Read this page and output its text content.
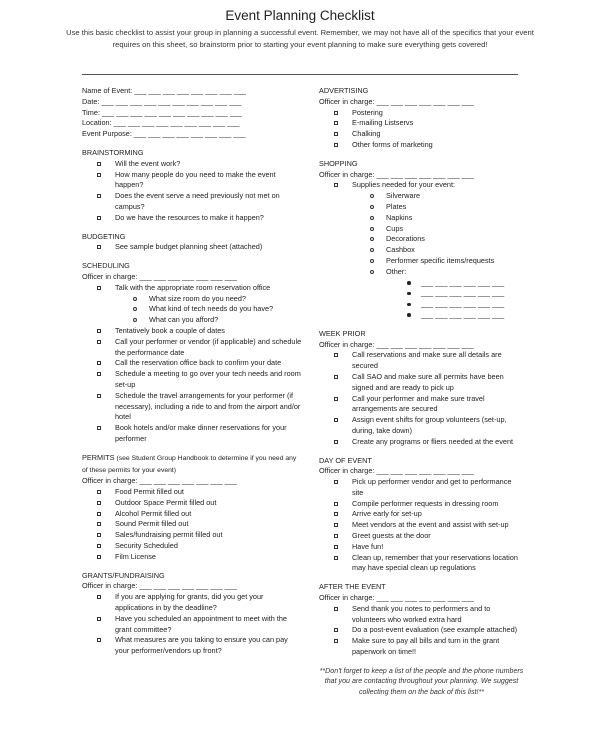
Event Planning Checklist
Use this basic checklist to assist your group in planning a successful event. Remember, we may not have all of the specifics that your event requires on this sheet, so brainstorm prior to starting your event planning to make sure everything gets covered!
Name of Event: ___ ___ ___ ___ ___ ___ ___ ___
Date: ___ ___ ___ ___ ___ ___ ___ ___ ___ ___
Time: ___ ___ ___ ___ ___ ___ ___ ___ ___ ___
Location: ___ ___ ___ ___ ___ ___ ___ ___ ___
Event Purpose: ___ ___ ___ ___ ___ ___ ___ ___
BRAINSTORMING
Will the event work?
How many people do you need to make the event happen?
Does the event serve a need previously not met on campus?
Do we have the resources to make it happen?
BUDGETING
See sample budget planning sheet (attached)
SCHEDULING
Officer in charge: ___ ___ ___ ___ ___ ___ ___
Talk with the appropriate room reservation office
What size room do you need?
What kind of tech needs do you have?
What can you afford?
Tentatively book a couple of dates
Call your performer or vendor (if applicable) and schedule the performance date
Call the reservation office back to confirm your date
Schedule a meeting to go over your tech needs and room set-up
Schedule the travel arrangements for your performer (if necessary), including a ride to and from the airport and/or hotel
Book hotels and/or make dinner reservations for your performer
PERMITS (see Student Group Handbook to determine if you need any of these permits for your event)
Officer in charge: ___ ___ ___ ___ ___ ___ ___
Food Permit filled out
Outdoor Space Permit filled out
Alcohol Permit filled out
Sound Permit filled out
Sales/fundraising permit filled out
Security Scheduled
Film License
GRANTS/FUNDRAISING
Officer in charge: ___ ___ ___ ___ ___ ___ ___
If you are applying for grants, did you get your applications in by the deadline?
Have you scheduled an appointment to meet with the grant committee?
What measures are you taking to ensure you can pay your performer/vendors up front?
ADVERTISING
Officer in charge: ___ ___ ___ ___ ___ ___ ___
Postering
E-mailing Listservs
Chalking
Other forms of marketing
SHOPPING
Officer in charge: ___ ___ ___ ___ ___ ___ ___
Supplies needed for your event:
Silverware
Plates
Napkins
Cups
Decorations
Cashbox
Performer specific items/requests
Other:
___ ___ ___ ___ ___ ___
___ ___ ___ ___ ___ ___
___ ___ ___ ___ ___ ___
___ ___ ___ ___ ___ ___
WEEK PRIOR
Officer in charge: ___ ___ ___ ___ ___ ___ ___
Call reservations and make sure all details are secured
Call SAO and make sure all permits have been signed and are ready to pick up
Call your performer and make sure travel arrangements are secured
Assign event shifts for group volunteers (set-up, during, take down)
Create any programs or fliers needed at the event
DAY OF EVENT
Officer in charge: ___ ___ ___ ___ ___ ___ ___
Pick up performer vendor and get to performance site
Compile performer requests in dressing room
Arrive early for set-up
Meet vendors at the event and assist with set-up
Greet guests at the door
Have fun!
Clean up, remember that your reservations location may have special clean up regulations
AFTER THE EVENT
Officer in charge: ___ ___ ___ ___ ___ ___ ___
Send thank you notes to performers and to volunteers who worked extra hard
Do a post-event evaluation (see example attached)
Make sure to pay all bills and turn in the grant paperwork on time!!
**Don't forget to keep a list of the people and the phone numbers that you are contacting throughout your planning. We suggest collecting them on the back of this list!**
